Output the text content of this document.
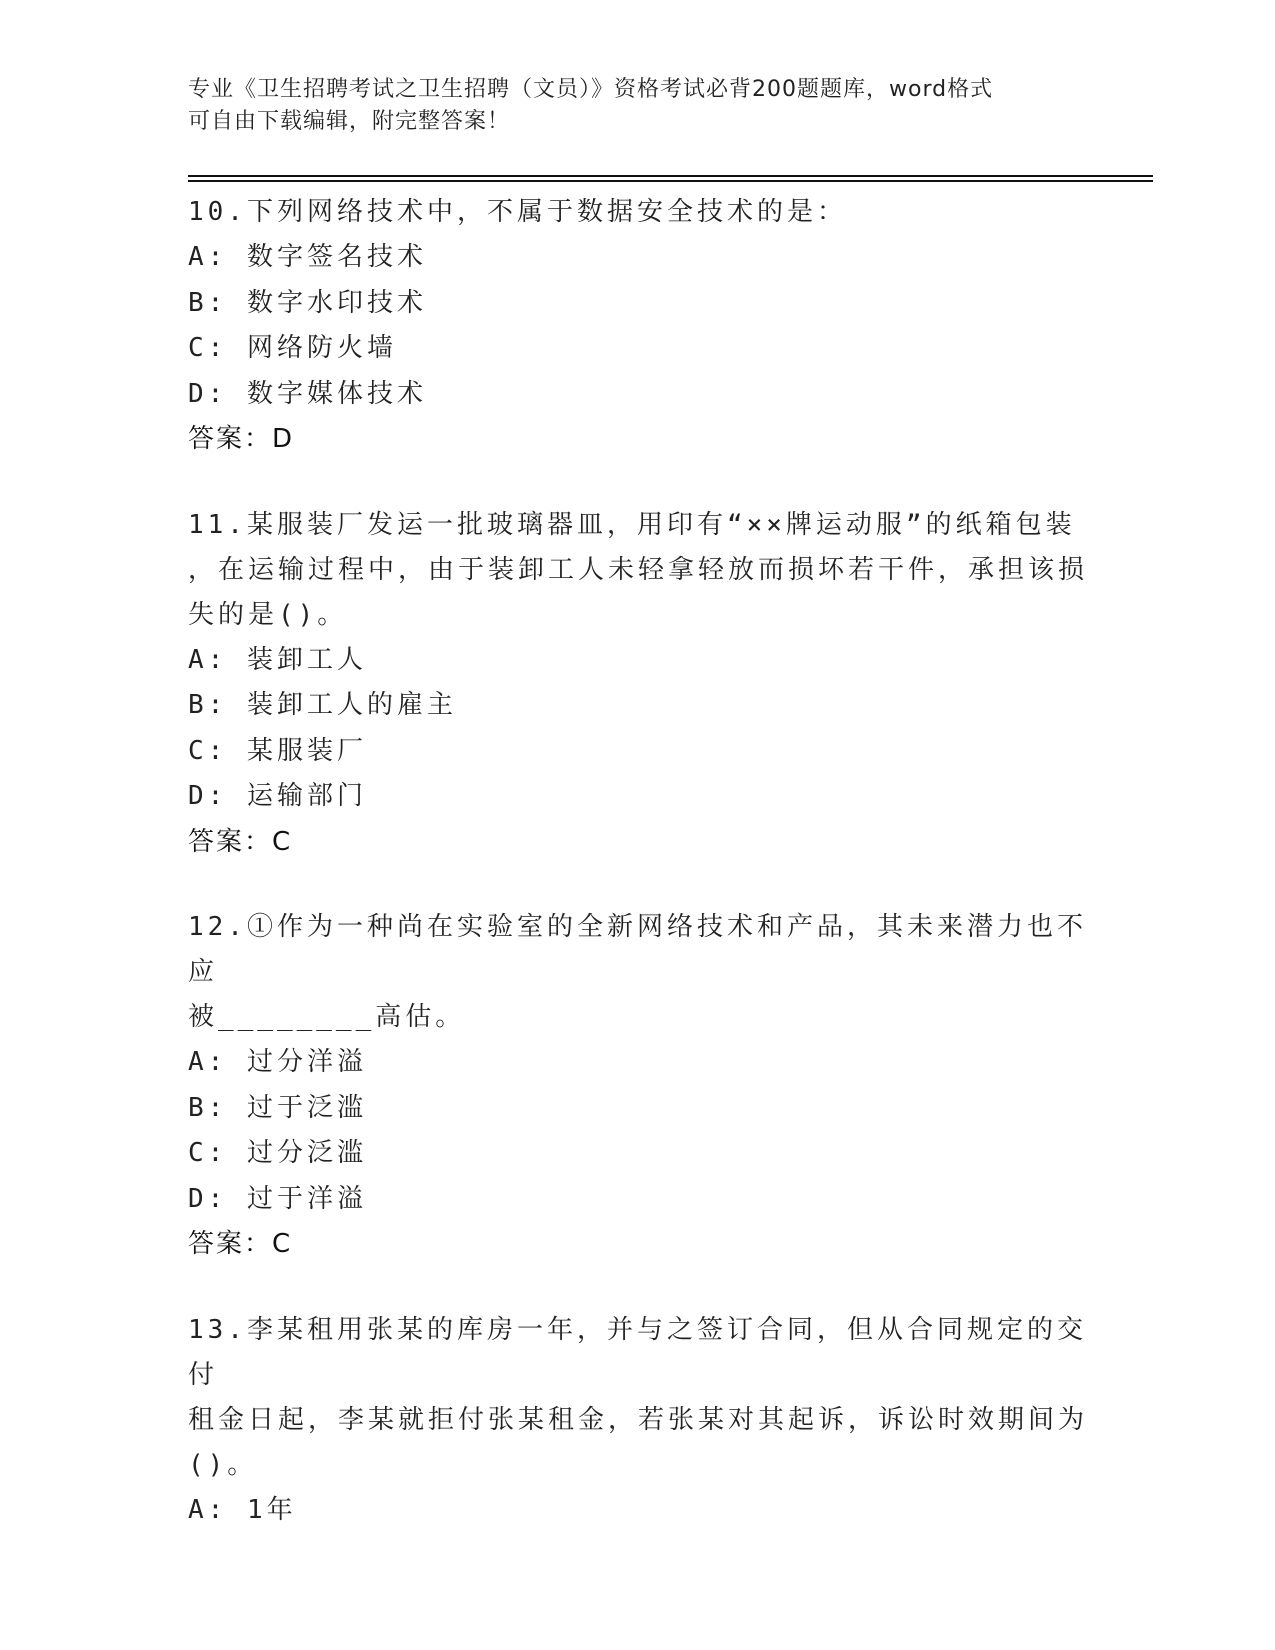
专业《卫生招聘考试之卫生招聘（文员）》资格考试必背200题题库，word格式
可自由下载编辑，附完整答案！
10.下列网络技术中，不属于数据安全技术的是：
A: 数字签名技术
B: 数字水印技术
C: 网络防火墙
D: 数字媒体技术
答案：D
11.某服装厂发运一批玻璃器皿，用印有“××牌运动服”的纸箱包装
，在运输过程中，由于装卸工人未轻拿轻放而损坏若干件，承担该损
失的是()。
A: 装卸工人
B: 装卸工人的雇主
C: 某服装厂
D: 运输部门
答案：C
12.①作为一种尚在实验室的全新网络技术和产品，其未来潜力也不应
被________高估。
A: 过分洋溢
B: 过于泛滥
C: 过分泛滥
D: 过于洋溢
答案：C
13.李某租用张某的库房一年，并与之签订合同，但从合同规定的交付
租金日起，李某就拒付张某租金，若张某对其起诉，诉讼时效期间为
()。
A: 1年
